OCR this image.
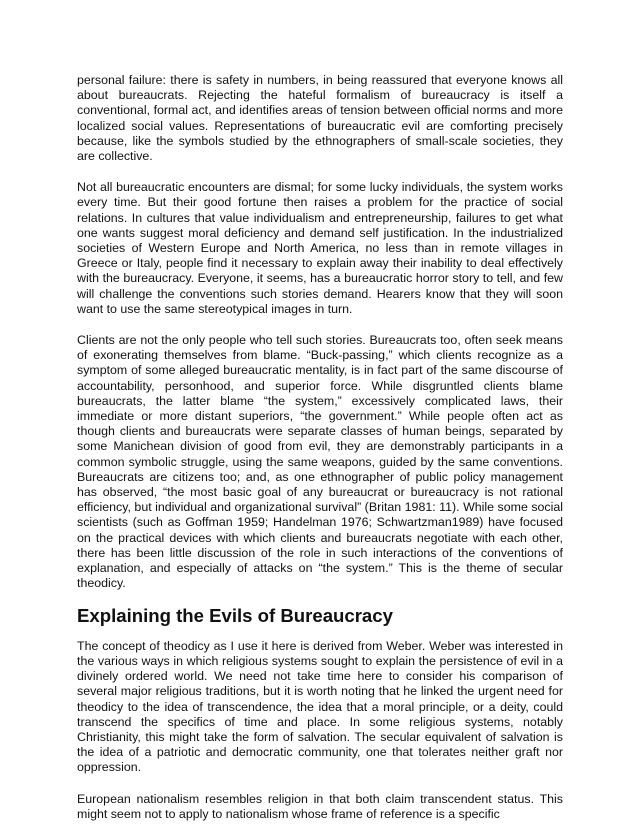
personal failure: there is safety in numbers, in being reassured that everyone knows all about bureaucrats. Rejecting the hateful formalism of bureaucracy is itself a conventional, formal act, and identifies areas of tension between official norms and more localized social values. Representations of bureaucratic evil are comforting precisely because, like the symbols studied by the ethnographers of small-scale societies, they are collective.

Not all bureaucratic encounters are dismal; for some lucky individuals, the system works every time. But their good fortune then raises a problem for the practice of social relations. In cultures that value individualism and entrepreneurship, failures to get what one wants suggest moral deficiency and demand self justification. In the industrialized societies of Western Europe and North America, no less than in remote villages in Greece or Italy, people find it necessary to explain away their inability to deal effectively with the bureaucracy. Everyone, it seems, has a bureaucratic horror story to tell, and few will challenge the conventions such stories demand. Hearers know that they will soon want to use the same stereotypical images in turn.

Clients are not the only people who tell such stories. Bureaucrats too, often seek means of exonerating themselves from blame. “Buck-passing,” which clients recognize as a symptom of some alleged bureaucratic mentality, is in fact part of the same discourse of accountability, personhood, and superior force. While disgruntled clients blame bureaucrats, the latter blame “the system,” excessively complicated laws, their immediate or more distant superiors, “the government.” While people often act as though clients and bureaucrats were separate classes of human beings, separated by some Manichean division of good from evil, they are demonstrably participants in a common symbolic struggle, using the same weapons, guided by the same conventions. Bureaucrats are citizens too; and, as one ethnographer of public policy management has observed, “the most basic goal of any bureaucrat or bureaucracy is not rational efficiency, but individual and organizational survival” (Britan 1981: 11). While some social scientists (such as Goffman 1959; Handelman 1976; Schwartzman1989) have focused on the practical devices with which clients and bureaucrats negotiate with each other, there has been little discussion of the role in such interactions of the conventions of explanation, and especially of attacks on “the system.” This is the theme of secular theodicy.

Explaining the Evils of Bureaucracy

The concept of theodicy as I use it here is derived from Weber. Weber was interested in the various ways in which religious systems sought to explain the persistence of evil in a divinely ordered world. We need not take time here to consider his comparison of several major religious traditions, but it is worth noting that he linked the urgent need for theodicy to the idea of transcendence, the idea that a moral principle, or a deity, could transcend the specifics of time and place. In some religious systems, notably Christianity, this might take the form of salvation. The secular equivalent of salvation is the idea of a patriotic and democratic community, one that tolerates neither graft nor oppression.

European nationalism resembles religion in that both claim transcendent status. This might seem not to apply to nationalism whose frame of reference is a specific
